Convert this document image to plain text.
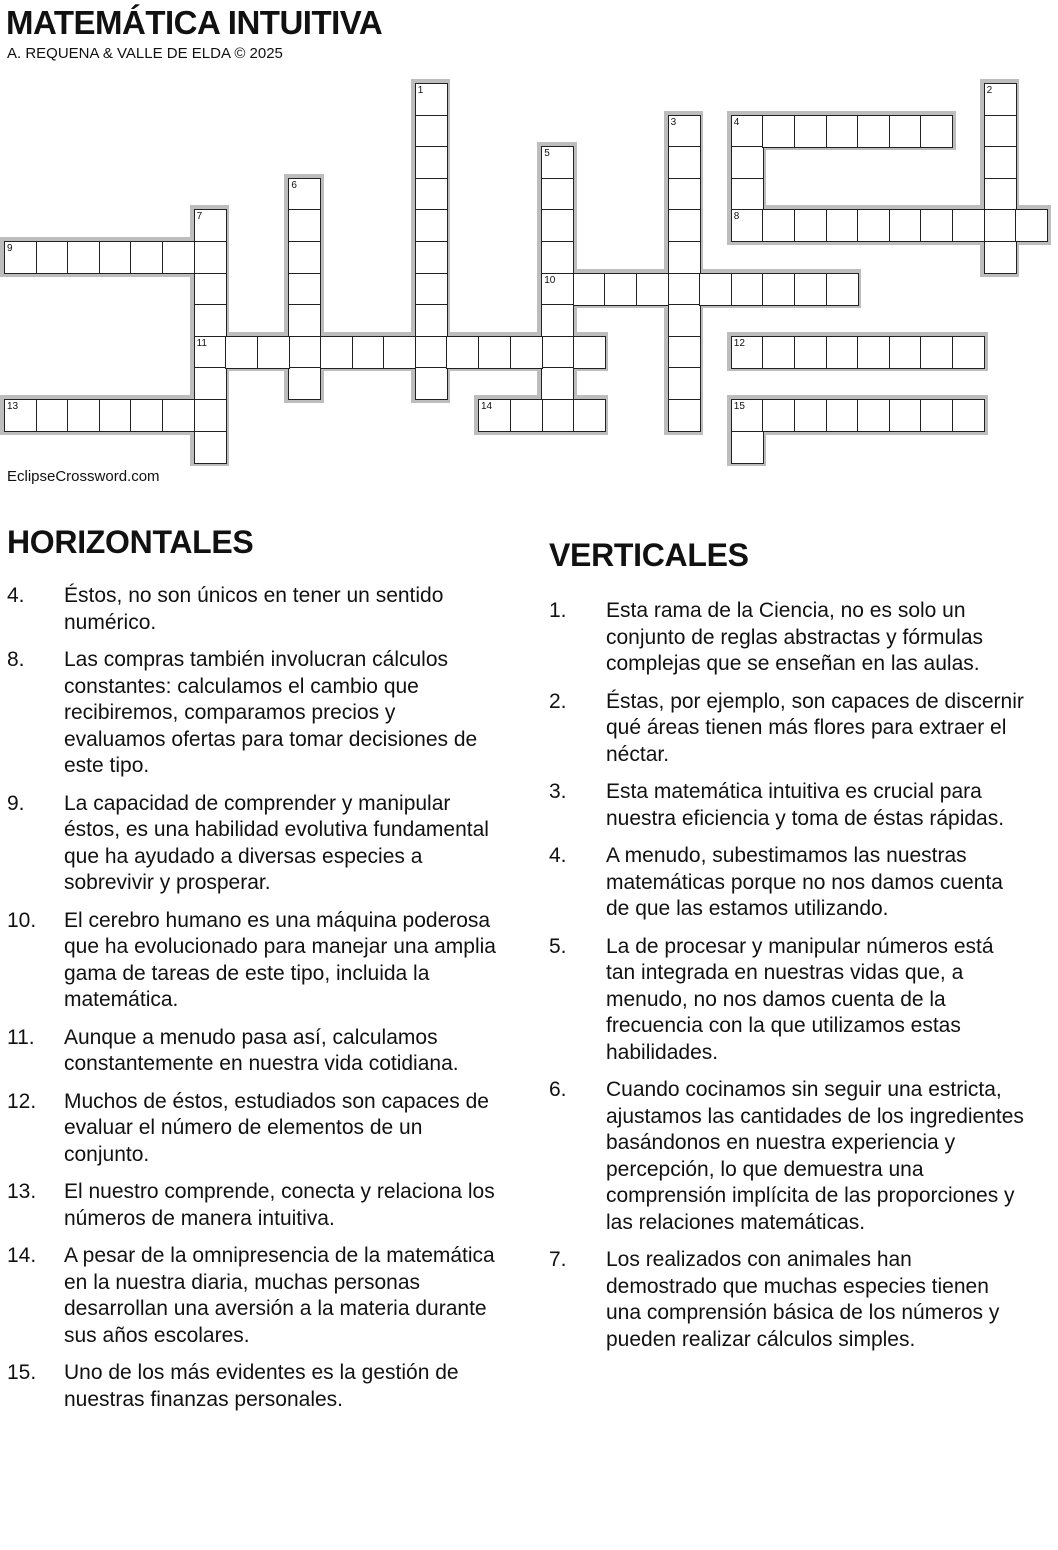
MATEMÁTICA INTUITIVA
A. REQUENA & VALLE DE ELDA © 2025
1	2
3	4
5
6
7	8
9
10
11	12
13	14	15
EclipseCrossword.com
HORIZONTALES
4.	Éstos, no son únicos en tener un sentido numérico.
8.	Las compras también involucran cálculos constantes: calculamos el cambio que recibiremos, comparamos precios y evaluamos ofertas para tomar decisiones de este tipo.
9.	La capacidad de comprender y manipular éstos, es una habilidad evolutiva fundamental que ha ayudado a diversas especies a sobrevivir y prosperar.
10.	El cerebro humano es una máquina poderosa que ha evolucionado para manejar una amplia gama de tareas de este tipo, incluida la matemática.
11.	Aunque a menudo pasa así, calculamos constantemente en nuestra vida cotidiana.
12.	Muchos de éstos, estudiados son capaces de evaluar el número de elementos de un conjunto.
13.	El nuestro comprende, conecta y relaciona los números de manera intuitiva.
14.	A pesar de la omnipresencia de la matemática en la nuestra diaria, muchas personas desarrollan una aversión a la materia durante sus años escolares.
15.	Uno de los más evidentes es la gestión de nuestras finanzas personales.
VERTICALES
1.	Esta rama de la Ciencia, no es solo un conjunto de reglas abstractas y fórmulas complejas que se enseñan en las aulas.
2.	Éstas, por ejemplo, son capaces de discernir qué áreas tienen más flores para extraer el néctar.
3.	Esta matemática intuitiva es crucial para nuestra eficiencia y toma de éstas rápidas.
4.	A menudo, subestimamos las nuestras matemáticas porque no nos damos cuenta de que las estamos utilizando.
5.	La de procesar y manipular números está tan integrada en nuestras vidas que, a menudo, no nos damos cuenta de la frecuencia con la que utilizamos estas habilidades.
6.	Cuando cocinamos sin seguir una estricta, ajustamos las cantidades de los ingredientes basándonos en nuestra experiencia y percepción, lo que demuestra una comprensión implícita de las proporciones y las relaciones matemáticas.
7.	Los realizados con animales han demostrado que muchas especies tienen una comprensión básica de los números y pueden realizar cálculos simples.
